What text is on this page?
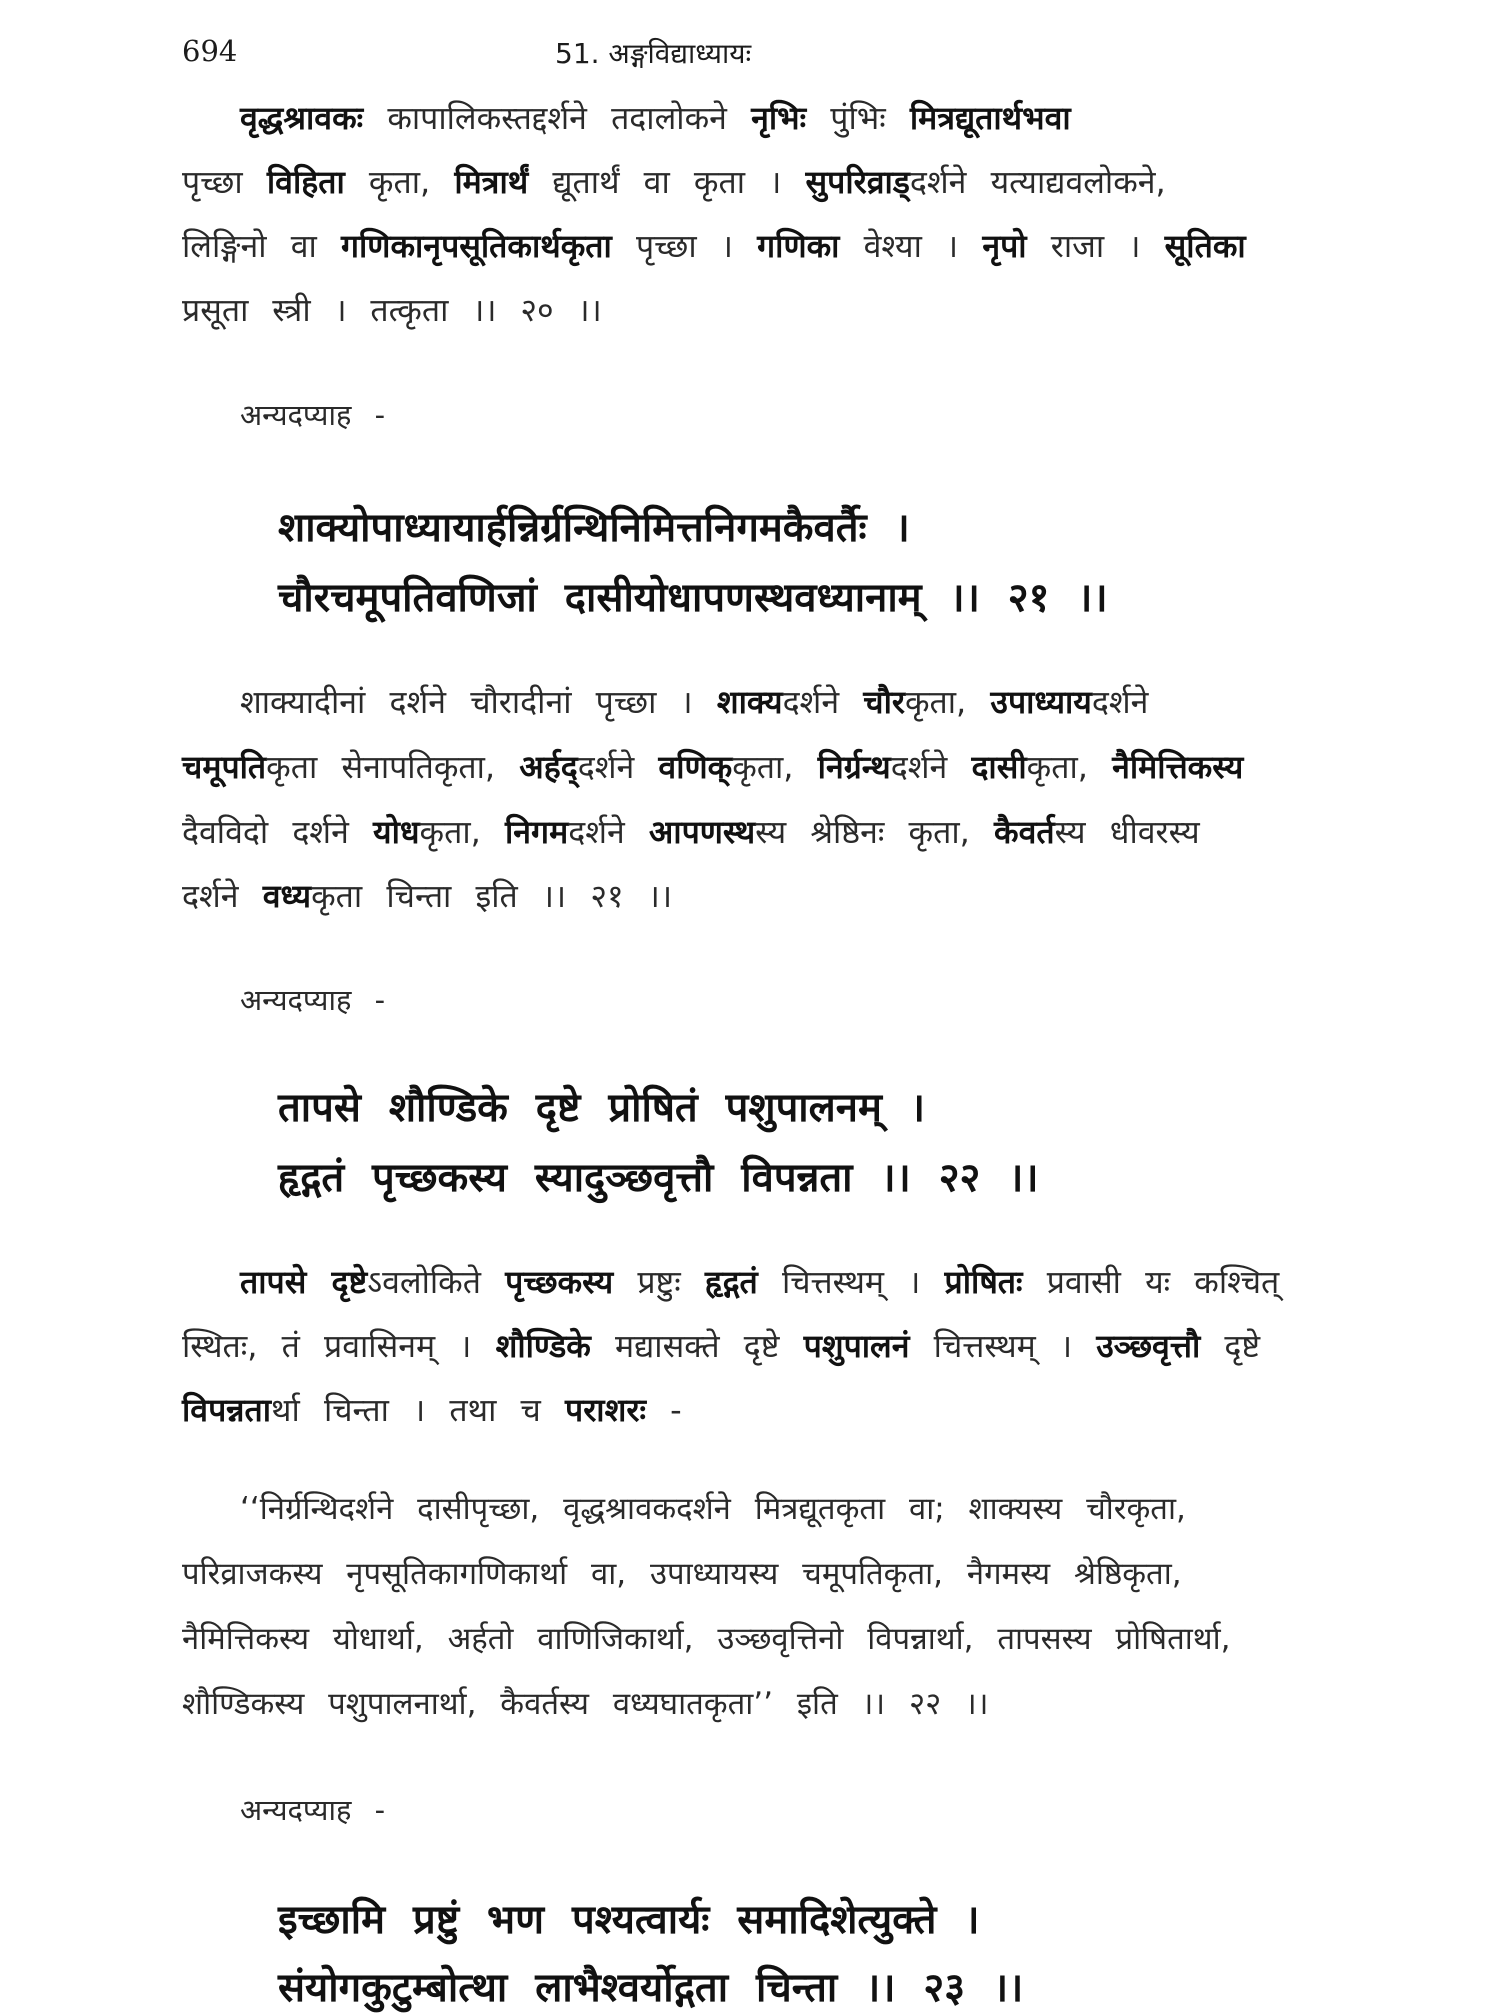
694	51. अङ्गविद्याध्यायः
वृद्धश्रावकः कापालिकस्तद्दर्शने तदालोकने नृभिः पुंभिः मित्रद्यूतार्थभवा
पृच्छा विहिता कृता, मित्रार्थं द्यूतार्थं वा कृता । सुपरिव्राड्दर्शने यत्याद्यवलोकने,
लिङ्गिनो वा गणिकानृपसूतिकार्थकृता पृच्छा । गणिका वेश्या । नृपो राजा । सूतिका
प्रसूता स्त्री । तत्कृता ।। २० ।।
अन्यदप्याह -
शाक्योपाध्यायार्हन्निर्ग्रन्थिनिमित्तनिगमकैवर्तैः ।
चौरचमूपतिवणिजां दासीयोधापणस्थवध्यानाम् ।। २१ ।।
शाक्यादीनां दर्शने चौरादीनां पृच्छा । शाक्यदर्शने चौरकृता, उपाध्यायदर्शने
चमूपतिकृता सेनापतिकृता, अर्हद्दर्शने वणिक्कृता, निर्ग्रन्थदर्शने दासीकृता, नैमित्तिकस्य
दैवविदो दर्शने योधकृता, निगमदर्शने आपणस्थस्य श्रेष्ठिनः कृता, कैवर्तस्य धीवरस्य
दर्शने वध्यकृता चिन्ता इति ।। २१ ।।
अन्यदप्याह -
तापसे शौण्डिके दृष्टे प्रोषितं पशुपालनम् ।
हृद्गतं पृच्छकस्य स्यादुञ्छवृत्तौ विपन्नता ।। २२ ।।
तापसे दृष्टेऽवलोकिते पृच्छकस्य प्रष्टुः हृद्गतं चित्तस्थम् । प्रोषितः प्रवासी यः कश्चित्
स्थितः, तं प्रवासिनम् । शौण्डिके मद्यासक्ते दृष्टे पशुपालनं चित्तस्थम् । उञ्छवृत्तौ दृष्टे
विपन्नतार्था चिन्ता । तथा च पराशरः -
‘‘निर्ग्रन्थिदर्शने दासीपृच्छा, वृद्धश्रावकदर्शने मित्रद्यूतकृता वा; शाक्यस्य चौरकृता,
परिव्राजकस्य नृपसूतिकागणिकार्था वा, उपाध्यायस्य चमूपतिकृता, नैगमस्य श्रेष्ठिकृता,
नैमित्तिकस्य योधार्था, अर्हतो वाणिजिकार्था, उञ्छवृत्तिनो विपन्नार्था, तापसस्य प्रोषितार्था,
शौण्डिकस्य पशुपालनार्था, कैवर्तस्य वध्यघातकृता’’ इति ।। २२ ।।
अन्यदप्याह -
इच्छामि प्रष्टुं भण पश्यत्वार्यः समादिशेत्युक्ते ।
संयोगकुटुम्बोत्था लाभैश्वर्योद्गता चिन्ता ।। २३ ।।
